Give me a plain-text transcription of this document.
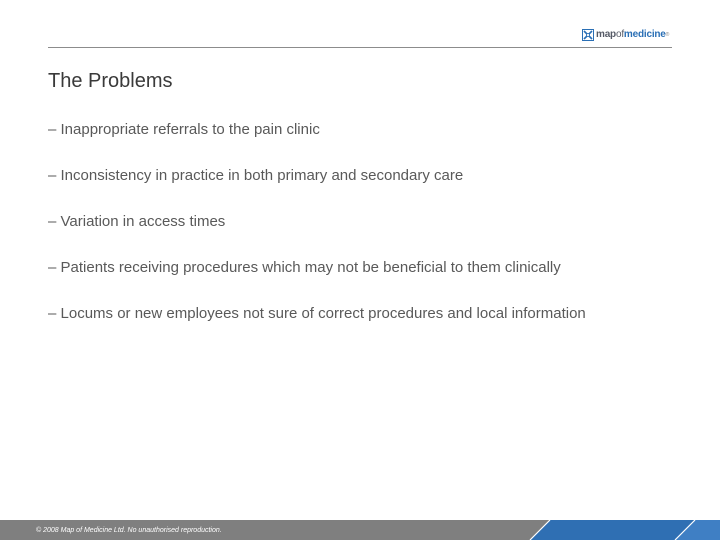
mapofmedicine®
The Problems
– Inappropriate referrals to the pain clinic
– Inconsistency in practice in both primary and secondary care
– Variation in access times
– Patients receiving procedures which may not be beneficial to them clinically
– Locums or new employees not sure of correct procedures and local information
© 2008 Map of Medicine Ltd. No unauthorised reproduction.
